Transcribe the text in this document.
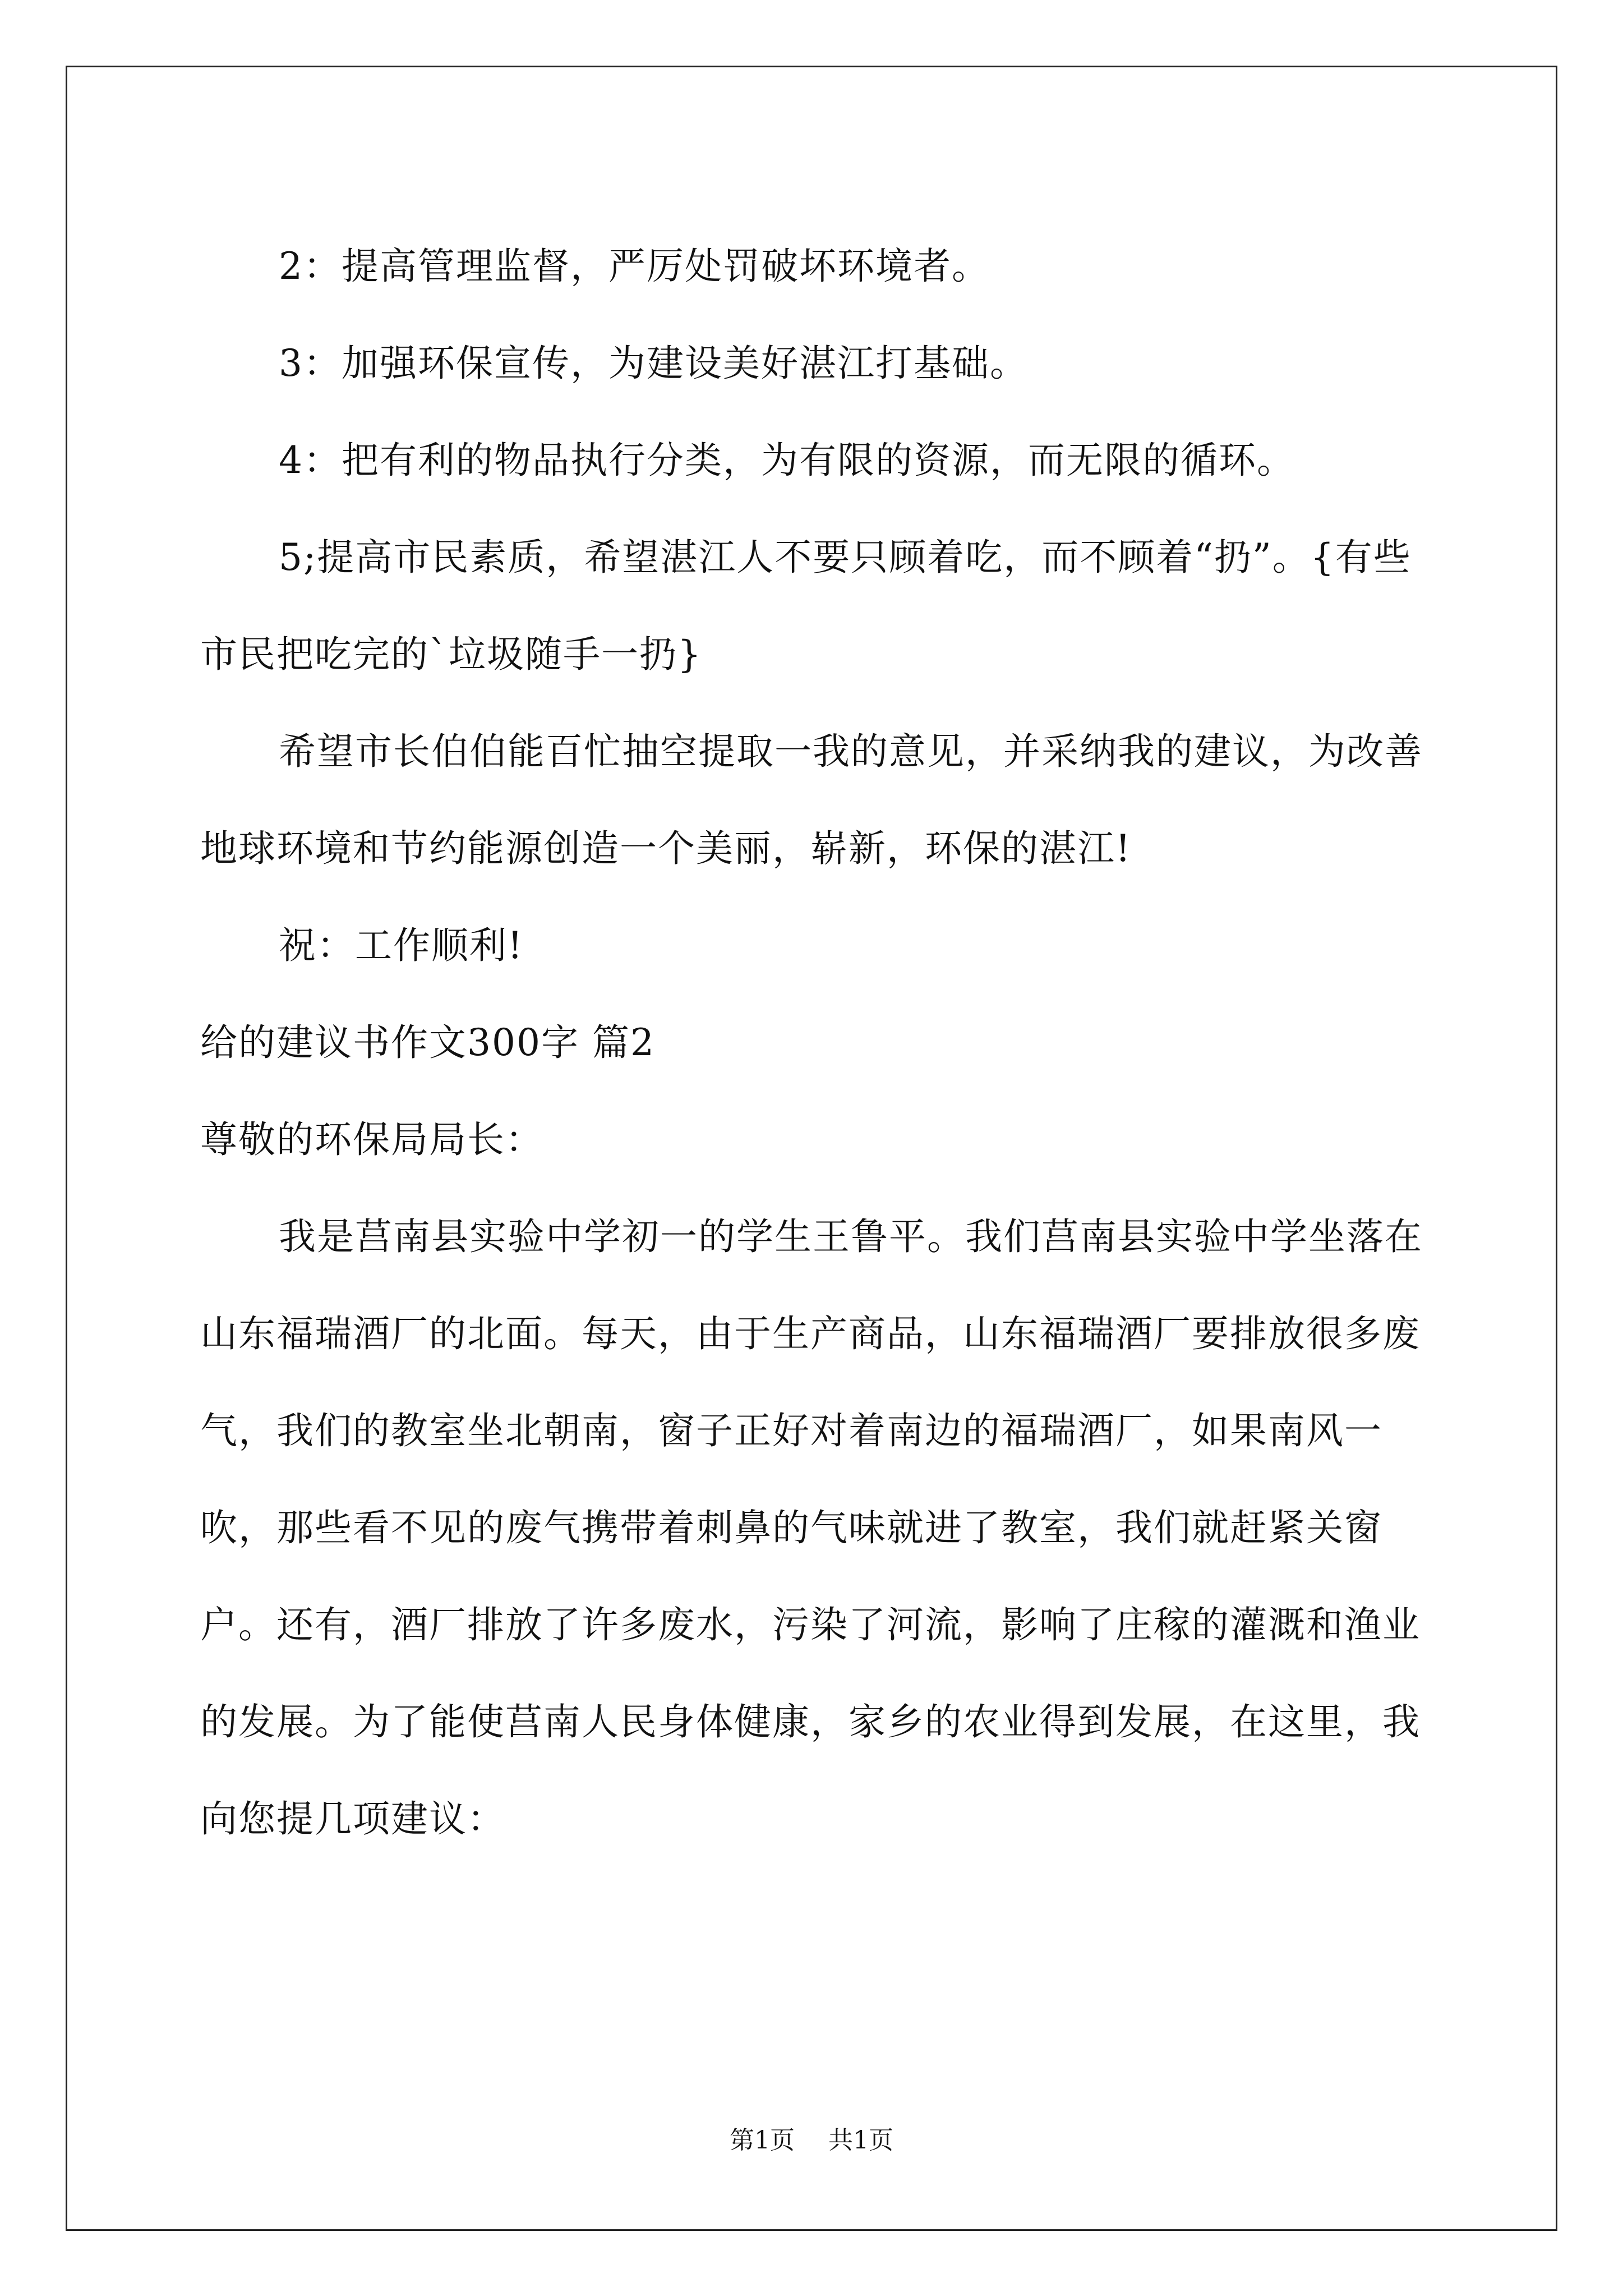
2：提高管理监督，严厉处罚破坏环境者。

3：加强环保宣传，为建设美好湛江打基础。

4：把有利的物品执行分类，为有限的资源，而无限的循环。

5;提高市民素质，希望湛江人不要只顾着吃，而不顾着“扔”。{有些市民把吃完的`垃圾随手一扔}

希望市长伯伯能百忙抽空提取一我的意见，并采纳我的建议，为改善地球环境和节约能源创造一个美丽，崭新，环保的湛江!

祝：工作顺利!

给的建议书作文300字 篇2

尊敬的环保局局长：

我是莒南县实验中学初一的学生王鲁平。我们莒南县实验中学坐落在山东福瑞酒厂的北面。每天，由于生产商品，山东福瑞酒厂要排放很多废气，我们的教室坐北朝南，窗子正好对着南边的福瑞酒厂，如果南风一吹，那些看不见的废气携带着刺鼻的气味就进了教室，我们就赶紧关窗户。还有，酒厂排放了许多废水，污染了河流，影响了庄稼的灌溉和渔业的发展。为了能使莒南人民身体健康，家乡的农业得到发展，在这里，我向您提几项建议：

第1页 共1页
